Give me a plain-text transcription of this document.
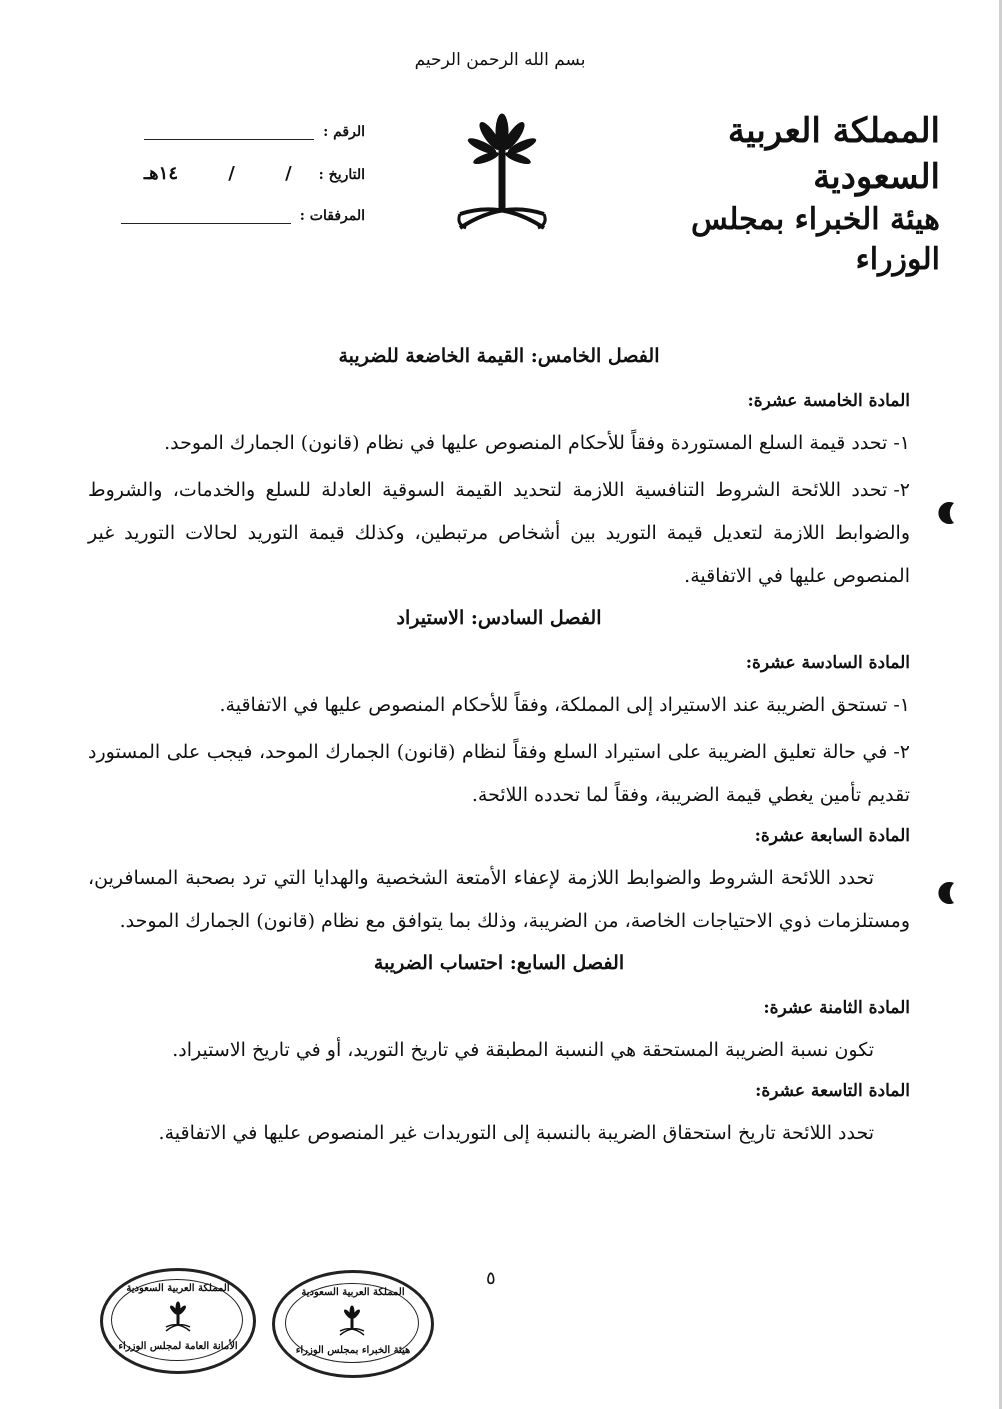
بسم الله الرحمن الرحيم
المملكة العربية السعودية
هيئة الخبراء بمجلس الوزراء
الرقم :
التاريخ : / / ١٤هـ
المرفقات :
الفصل الخامس: القيمة الخاضعة للضريبة
المادة الخامسة عشرة:
١-تحدد قيمة السلع المستوردة وفقاً للأحكام المنصوص عليها في نظام (قانون) الجمارك الموحد.
٢-تحدد اللائحة الشروط التنافسية اللازمة لتحديد القيمة السوقية العادلة للسلع والخدمات، والشروط والضوابط اللازمة لتعديل قيمة التوريد بين أشخاص مرتبطين، وكذلك قيمة التوريد لحالات التوريد غير المنصوص عليها في الاتفاقية.
الفصل السادس: الاستيراد
المادة السادسة عشرة:
١-تستحق الضريبة عند الاستيراد إلى المملكة، وفقاً للأحكام المنصوص عليها في الاتفاقية.
٢-في حالة تعليق الضريبة على استيراد السلع وفقاً لنظام (قانون) الجمارك الموحد، فيجب على المستورد تقديم تأمين يغطي قيمة الضريبة، وفقاً لما تحدده اللائحة.
المادة السابعة عشرة:
تحدد اللائحة الشروط والضوابط اللازمة لإعفاء الأمتعة الشخصية والهدايا التي ترد بصحبة المسافرين، ومستلزمات ذوي الاحتياجات الخاصة، من الضريبة، وذلك بما يتوافق مع نظام (قانون) الجمارك الموحد.
الفصل السابع: احتساب الضريبة
المادة الثامنة عشرة:
تكون نسبة الضريبة المستحقة هي النسبة المطبقة في تاريخ التوريد، أو في تاريخ الاستيراد.
المادة التاسعة عشرة:
تحدد اللائحة تاريخ استحقاق الضريبة بالنسبة إلى التوريدات غير المنصوص عليها في الاتفاقية.
٥
المملكة العربية السعودية
الأمانة العامة لمجلس الوزراء
المملكة العربية السعودية
هيئة الخبراء بمجلس الوزراء
